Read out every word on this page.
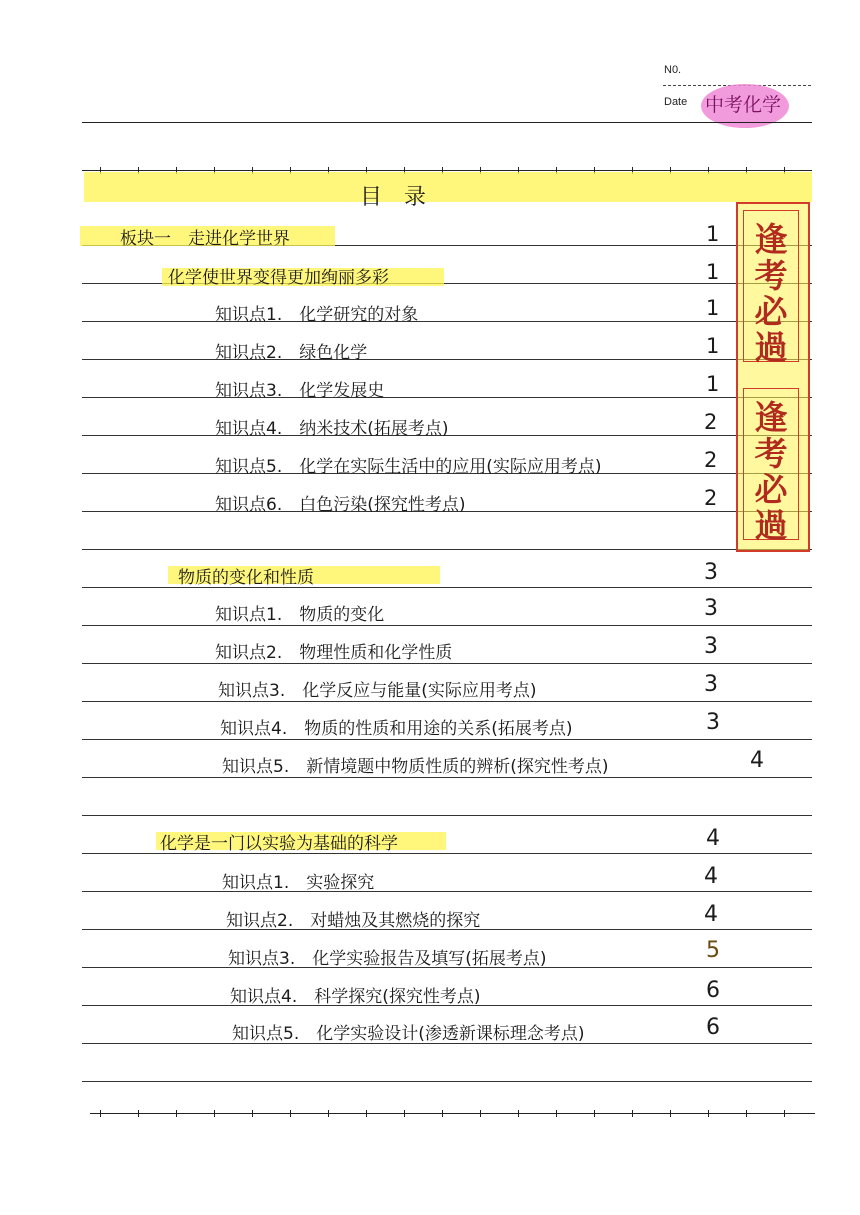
N0.
Date 中考化学
目　录
板块一　走进化学世界	1
化学使世界变得更加绚丽多彩	1
知识点1.　化学研究的对象	1
知识点2.　绿色化学	1
知识点3.　化学发展史	1
知识点4.　纳米技术(拓展考点)	2
知识点5.　化学在实际生活中的应用(实际应用考点)	2
知识点6.　白色污染(探究性考点)	2
物质的变化和性质	3
知识点1.　物质的变化	3
知识点2.　物理性质和化学性质	3
知识点3.　化学反应与能量(实际应用考点)	3
知识点4.　物质的性质和用途的关系(拓展考点)	3
知识点5.　新情境题中物质性质的辨析(探究性考点)	4
化学是一门以实验为基础的科学	4
知识点1.　实验探究	4
知识点2.　对蜡烛及其燃烧的探究	4
知识点3.　化学实验报告及填写(拓展考点)	5
知识点4.　科学探究(探究性考点)	6
知识点5.　化学实验设计(渗透新课标理念考点)	6
逢
考
必
過
逢
考
必
過
